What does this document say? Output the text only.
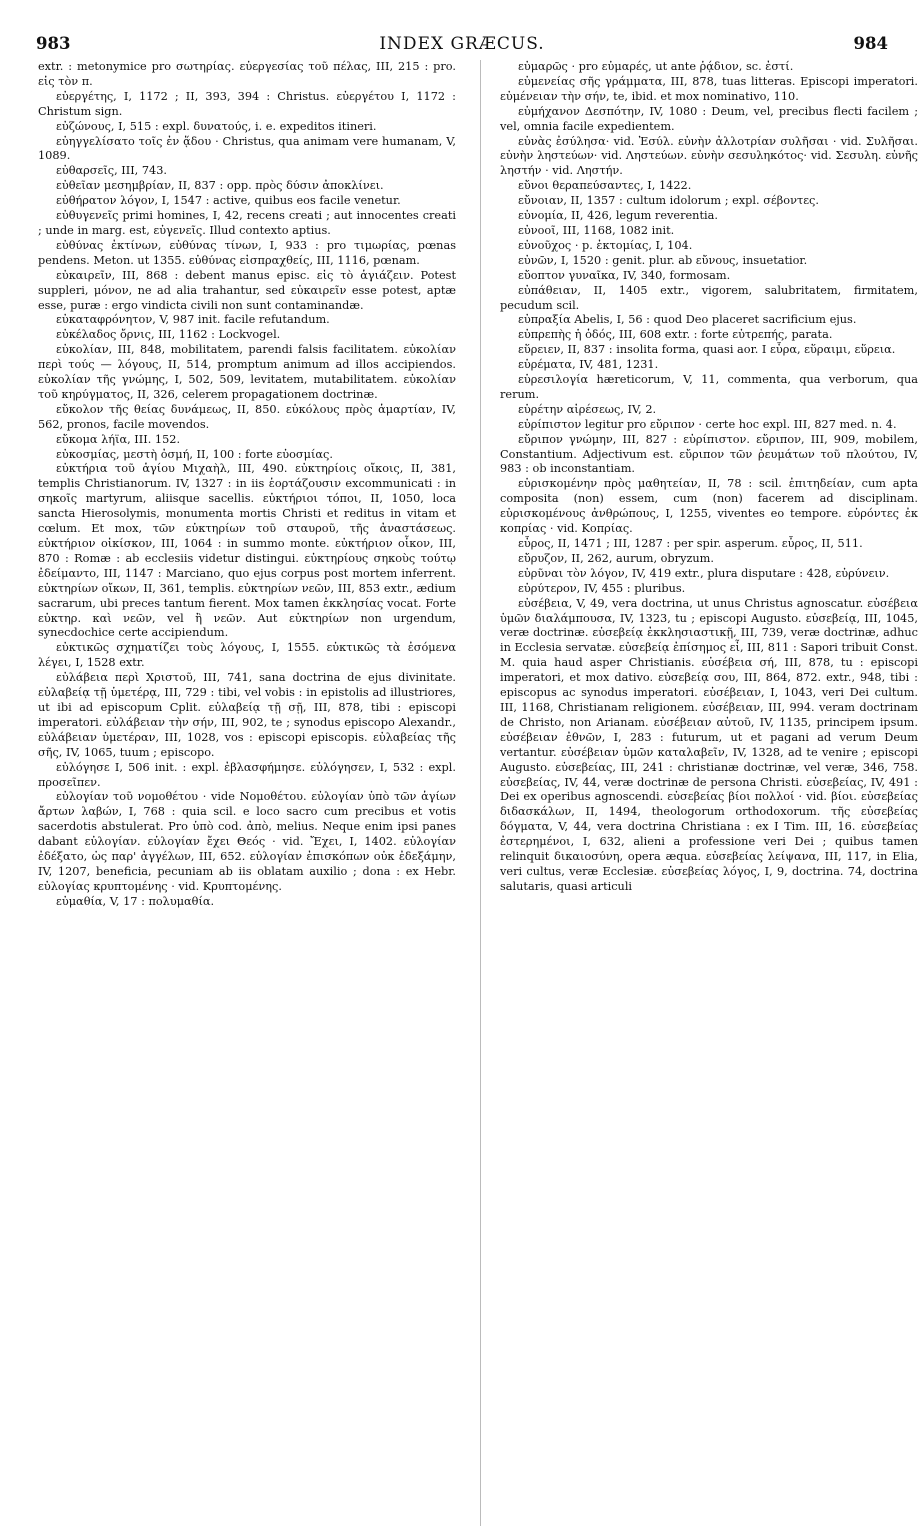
983	INDEX GRÆCUS.	984

extr. : metonymice pro σωτηρίας. εὐεργεσίας τοῦ πέλας, III, 215 : pro. εἰς τὸν π.

εὐεργέτης, I, 1172 ; II, 393, 394 : Christus. εὐεργέτου I, 1172 : Christum sign.

εὐζώνους, I, 515 : expl. δυνατούς, i. e. expeditos itineri.

εὐηγγελίσατο τοῖς ἐν ᾅδου · Christus, qua animam vere humanam, V, 1089.

εὐθαρσεῖς, III, 743.

εὐθεῖαν μεσημβρίαν, II, 837 : opp. πρὸς δύσιν ἀποκλίνει.

εὐθήρατον λόγον, I, 1547 : active, quibus eos facile venetur.

εὐθυγενεῖς primi homines, I, 42, recens creati ; aut innocentes creati ; unde in marg. est, εὐγενεῖς. Illud contexto aptius.

εὐθύνας ἐκτίνων, εὐθύνας τίνων, I, 933 : pro τιμωρίας, pœnas pendens. Meton. ut 1355. εὐθύνας εἰσπραχθείς, III, 1116, pœnam.

εὐκαιρεῖν, III, 868 : debent manus episc. εἰς τὸ ἁγιάζειν. Potest suppleri, μόνον, ne ad alia trahantur, sed εὐκαιρεῖν esse potest, aptæ esse, puræ : ergo vindicta civili non sunt contaminandæ.

εὐκαταφρόνητον, V, 987 init. facile refutandum.

εὐκέλαδος ὄρνις, III, 1162 : Lockvogel.

εὐκολίαν, III, 848, mobilitatem, parendi falsis facilitatem. εὐκολίαν περὶ τούς — λόγους, II, 514, promptum animum ad illos accipiendos. εὐκολίαν τῆς γνώμης, I, 502, 509, levitatem, mutabilitatem. εὐκολίαν τοῦ κηρύγματος, II, 326, celerem propagationem doctrinæ.

εὔκολον τῆς θείας δυνάμεως, II, 850. εὐκόλους πρὸς ἁμαρτίαν, IV, 562, pronos, facile movendos.

εὔκομα λήϊα, III. 152.

εὐκοσμίας, μεστὴ ὀσμή, II, 100 : forte εὐοσμίας.

εὐκτήρια τοῦ ἁγίου Μιχαὴλ, III, 490. εὐκτηρίοις οἴκοις, II, 381, templis Christianorum. IV, 1327 : in iis ἑορτάζουσιν excommunicati : in σηκοῖς martyrum, aliisque sacellis. εὐκτήριοι τόποι, II, 1050, loca sancta Hierosolymis, monumenta mortis Christi et reditus in vitam et cœlum. Et mox, τῶν εὐκτηρίων τοῦ σταυροῦ, τῆς ἀναστάσεως. εὐκτήριον οἰκίσκον, III, 1064 : in summo monte. εὐκτήριον οἶκον, III, 870 : Romæ : ab ecclesiis videtur distingui. εὐκτηρίους σηκοὺς τούτῳ ἐδείμαντο, III, 1147 : Marciano, quo ejus corpus post mortem inferrent. εὐκτηρίων οἴκων, II, 361, templis. εὐκτηρίων νεῶν, III, 853 extr., ædium sacrarum, ubi preces tantum fierent. Mox tamen ἐκκλησίας vocat. Forte εὐκτηρ. καὶ νεῶν, vel ἢ νεῶν. Aut εὐκτηρίων non urgendum, synecdochice certe accipiendum.

εὐκτικῶς σχηματίζει τοὺς λόγους, I, 1555. εὐκτικῶς τὰ ἐσόμενα λέγει, I, 1528 extr.

εὐλάβεια περὶ Χριστοῦ, III, 741, sana doctrina de ejus divinitate. εὐλαβείᾳ τῇ ὑμετέρᾳ, III, 729 : tibi, vel vobis : in epistolis ad illustriores, ut ibi ad episcopum Cplit. εὐλαβείᾳ τῇ σῇ, III, 878, tibi : episcopi imperatori. εὐλάβειαν τὴν σήν, III, 902, te ; synodus episcopo Alexandr., εὐλάβειαν ὑμετέραν, III, 1028, vos : episcopi episcopis. εὐλαβείας τῆς σῆς, IV, 1065, tuum ; episcopo.

εὐλόγησε I, 506 init. : expl. ἐβλασφήμησε. εὐλόγησεν, I, 532 : expl. προσεῖπεν.

εὐλογίαν τοῦ νομοθέτου · vide Νομοθέτου. εὐλογίαν ὑπὸ τῶν ἁγίων ἄρτων λαβών, I, 768 : quia scil. e loco sacro cum precibus et votis sacerdotis abstulerat. Pro ὑπὸ cod. ἀπὸ, melius. Neque enim ipsi panes dabant εὐλογίαν. εὐλογίαν ἔχει Θεός · vid. Ἔχει, I, 1402. εὐλογίαν ἐδέξατο, ὡς παρ' ἀγγέλων, III, 652. εὐλογίαν ἐπισκόπων οὐκ ἐδεξάμην, IV, 1207, beneficia, pecuniam ab iis oblatam auxilio ; dona : ex Hebr. εὐλογίας κρυπτομένης · vid. Κρυπτομένης.

εὐμαθία, V, 17 : πολυμαθία.

εὐμαρῶς · pro εὐμαρές, ut ante ῥᾴδιον, sc. ἐστί.

εὐμενείας σῆς γράμματα, III, 878, tuas litteras. Episcopi imperatori. εὐμένειαν τὴν σήν, te, ibid. et mox nominativo, 110.

εὐμήχανον Δεσπότην, IV, 1080 : Deum, vel, precibus flecti facilem ; vel, omnia facile expedientem.

εὐνὰς ἐσύλησα· vid. Ἐσύλ. εὐνὴν ἀλλοτρίαν συλῆσαι · vid. Συλῆσαι. εὐνὴν ληστεύων· vid. Ληστεύων. εὐνὴν σεσυληκότος· vid. Σεσυλη. εὐνῆς ληστήν · vid. Ληστήν.

εὔνοι θεραπεύσαντες, I, 1422.

εὔνοιαν, II, 1357 : cultum idolorum ; expl. σέβοντες.

εὐνομία, II, 426, legum reverentia.

εὐνοοῖ, III, 1168, 1082 init.

εὐνοῦχος · p. ἐκτομίας, I, 104.

εὐνῶν, I, 1520 : genit. plur. ab εὔνους, insuetatior.

εὔοπτον γυναῖκα, IV, 340, formosam.

εὐπάθειαν, II, 1405 extr., vigorem, salubritatem, firmitatem, pecudum scil.

εὐπραξία Abelis, I, 56 : quod Deo placeret sacrificium ejus.

εὐπρεπὴς ἡ ὁδός, III, 608 extr. : forte εὐτρεπής, parata.

εὕρειεν, II, 837 : insolita forma, quasi aor. I εὗρα, εὕραιμι, εὕρεια.

εὑρέματα, IV, 481, 1231.

εὑρεσιλογία hæreticorum, V, 11, commenta, qua verborum, qua rerum.

εὑρέτην αἱρέσεως, IV, 2.

εὐρίπιστον legitur pro εὔριπον · certe hoc expl. III, 827 med. n. 4.

εὔριπον γνώμην, III, 827 : εὐρίπιστον. εὔριπον, III, 909, mobilem, Constantium. Adjectivum est. εὔριπον τῶν ῥευμάτων τοῦ πλούτου, IV, 983 : ob inconstantiam.

εὑρισκομένην πρὸς μαθητείαν, II, 78 : scil. ἐπιτηδείαν, cum apta composita (non) essem, cum (non) facerem ad disciplinam. εὑρισκομένους ἀνθρώπους, I, 1255, viventes eo tempore. εὑρόντες ἐκ κοπρίας · vid. Κοπρίας.

εὖρος, II, 1471 ; III, 1287 : per spir. asperum. εὖρος, II, 511.

εὔρυζον, II, 262, aurum, obryzum.

εὐρῦναι τὸν λόγον, IV, 419 extr., plura disputare : 428, εὐρύνειν.

εὐρύτερον, IV, 455 : pluribus.

εὐσέβεια, V, 49, vera doctrina, ut unus Christus agnoscatur. εὐσέβεια ὑμῶν διαλάμπουσα, IV, 1323, tu ; episcopi Augusto. εὐσεβείᾳ, III, 1045, veræ doctrinæ. εὐσεβείᾳ ἐκκλησιαστικῇ, III, 739, veræ doctrinæ, adhuc in Ecclesia servatæ. εὐσεβείᾳ ἐπίσημος εἶ, III, 811 : Sapori tribuit Const. M. quia haud asper Christianis. εὐσέβεια σή, III, 878, tu : episcopi imperatori, et mox dativo. εὐσεβείᾳ σου, III, 864, 872. extr., 948, tibi : episcopus ac synodus imperatori. εὐσέβειαν, I, 1043, veri Dei cultum. III, 1168, Christianam religionem. εὐσέβειαν, III, 994. veram doctrinam de Christo, non Arianam. εὐσέβειαν αὐτοῦ, IV, 1135, principem ipsum. εὐσέβειαν ἐθνῶν, I, 283 : futurum, ut et pagani ad verum Deum vertantur. εὐσέβειαν ὑμῶν καταλαβεῖν, IV, 1328, ad te venire ; episcopi Augusto. εὐσεβείας, III, 241 : christianæ doctrinæ, vel veræ, 346, 758. εὐσεβείας, IV, 44, veræ doctrinæ de persona Christi. εὐσεβείας, IV, 491 : Dei ex operibus agnoscendi. εὐσεβείας βίοι πολλοί · vid. βίοι. εὐσεβείας διδασκάλων, II, 1494, theologorum orthodoxorum. τῆς εὐσεβείας δόγματα, V, 44, vera doctrina Christiana : ex I Tim. III, 16. εὐσεβείας ἐστερημένοι, I, 632, alieni a professione veri Dei ; quibus tamen relinquit δικαιοσύνη, opera æqua. εὐσεβείας λείψανα, III, 117, in Elia, veri cultus, veræ Ecclesiæ. εὐσεβείας λόγος, I, 9, doctrina. 74, doctrina salutaris, quasi articuli
